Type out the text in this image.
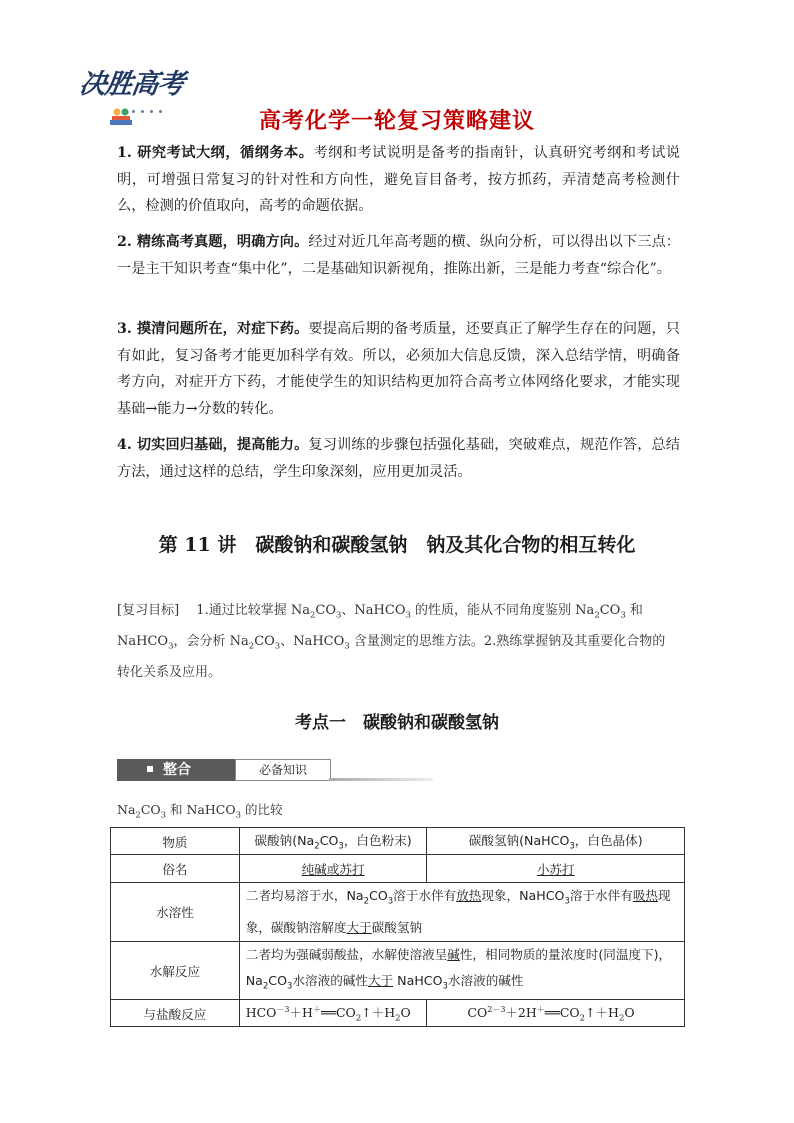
决胜高考
高考化学一轮复习策略建议
1. 研究考试大纲，循纲务本。考纲和考试说明是备考的指南针，认真研究考纲和考试说明，可增强日常复习的针对性和方向性，避免盲目备考，按方抓药，弄清楚高考检测什么，检测的价值取向，高考的命题依据。
2. 精练高考真题，明确方向。经过对近几年高考题的横、纵向分析，可以得出以下三点：一是主干知识考查“集中化”，二是基础知识新视角，推陈出新，三是能力考查“综合化”。
3. 摸清问题所在，对症下药。要提高后期的备考质量，还要真正了解学生存在的问题，只有如此，复习备考才能更加科学有效。所以，必须加大信息反馈，深入总结学情，明确备考方向，对症开方下药，才能使学生的知识结构更加符合高考立体网络化要求，才能实现基础→能力→分数的转化。
4. 切实回归基础，提高能力。复习训练的步骤包括强化基础，突破难点，规范作答，总结方法，通过这样的总结，学生印象深刻，应用更加灵活。
第 11 讲　碳酸钠和碳酸氢钠　钠及其化合物的相互转化
[复习目标]　 1.通过比较掌握 $Na_2CO_3$、NaHCO$_3$ 的性质，能从不同角度鉴别 $Na_2CO_3$ 和
NaHCO$_3$，会分析 $Na_2CO_3$、NaHCO$_3$ 含量测定的思维方法。2.熟练掌握钠及其重要化合物的
转化关系及应用。
考点一　碳酸钠和碳酸氢钠
整合	必备知识
$Na_2CO_3$ 和 NaHCO$_3$ 的比较
物质	碳酸钠($Na_2CO_3$，白色粉末)	碳酸氢钠(NaHCO$_3$，白色晶体)
俗名	纯碱或苏打	小苏打
水溶性	二者均易溶于水，$Na_2CO_3$溶于水伴有放热现象，NaHCO$_3$溶于水伴有吸热现象，碳酸钠溶解度大于碳酸氢钠	
水解反应	二者均为强碱弱酸盐，水解使溶液呈碱性，相同物质的量浓度时(同温度下)，$Na_2CO_3$水溶液的碱性大于 NaHCO$_3$水溶液的碱性	
与盐酸反应	$HCO^{-3}+H^+══CO_2↑+H_2O$	$CO^{2-3}+2H^+══CO_2↑+H_2O$
